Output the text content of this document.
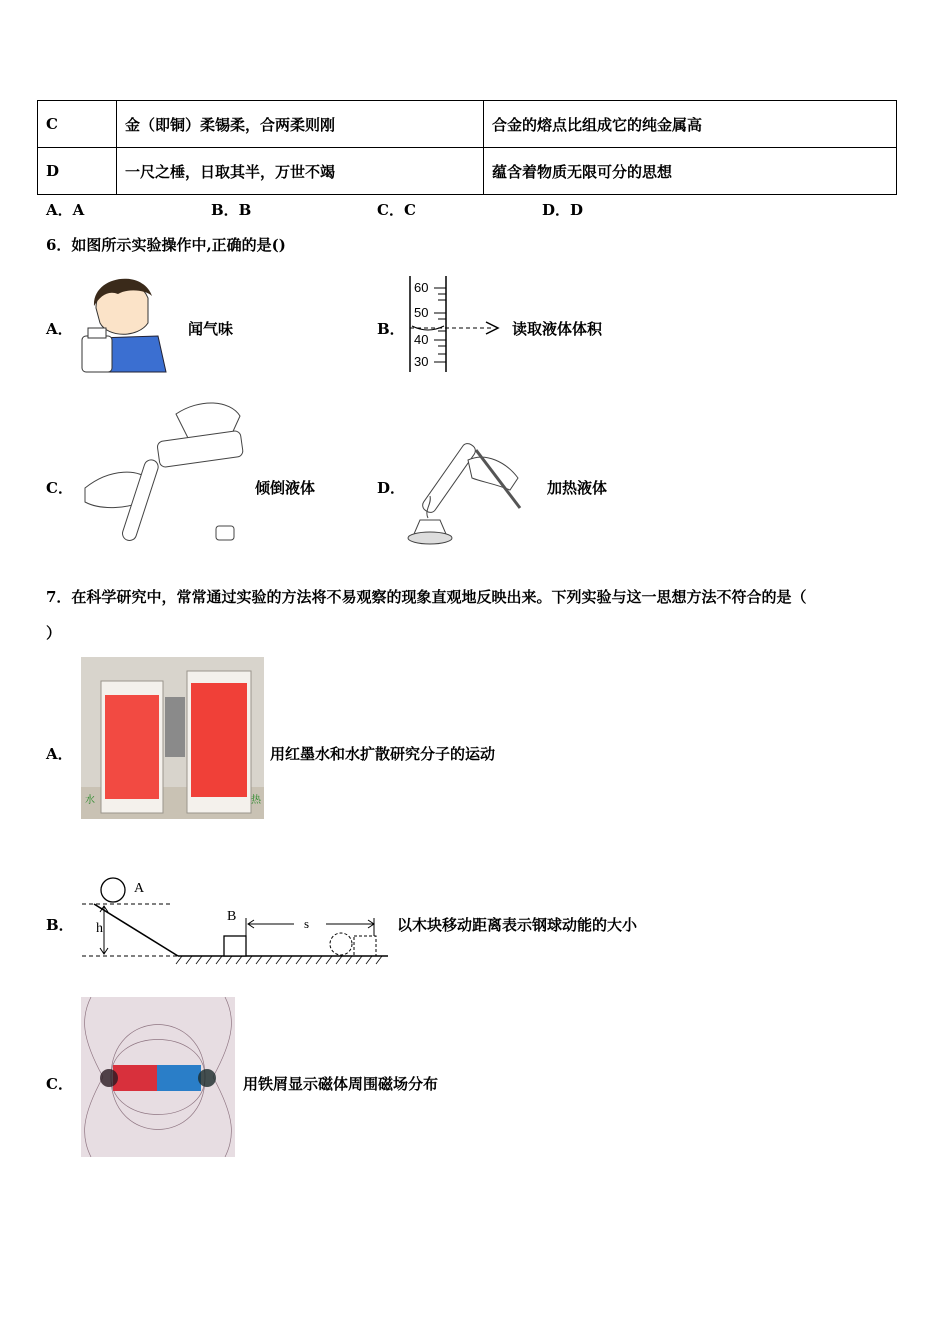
C	金（即铜）柔锡柔，合两柔则刚	合金的熔点比组成它的纯金属高
D	一尺之棰，日取其半，万世不竭	蕴含着物质无限可分的思想
A．A	B．B	C．C	D．D
6．如图所示实验操作中,正确的是()
A．	闻气味	B．
60
50
40
30
读取液体体积
C．	倾倒液体	D．	加热液体
7．在科学研究中，常常通过实验的方法将不易观察的现象直观地反映出来。下列实验与这一思想方法不符合的是（
）
A．
水	热
用红墨水和水扩散研究分子的运动
B．
A
B
h	s	以木块移动距离表示钢球动能的大小
C．	用铁屑显示磁体周围磁场分布
